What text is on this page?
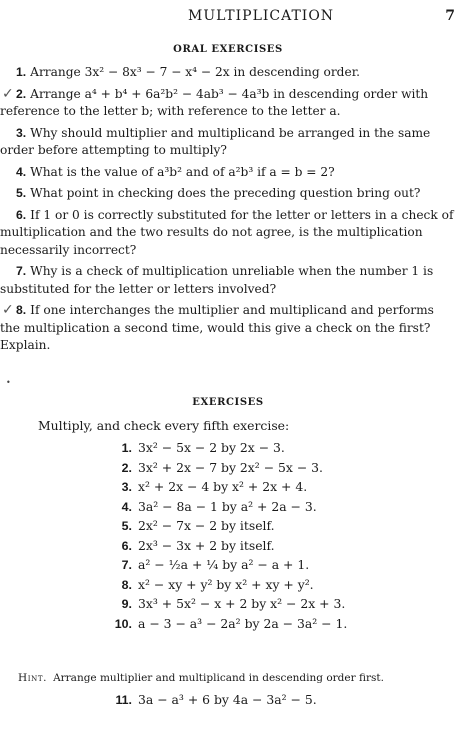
MULTIPLICATION	7
ORAL EXERCISES
1. Arrange 3x² − 8x³ − 7 − x⁴ − 2x in descending order.
✓ 2. Arrange a⁴ + b⁴ + 6a²b² − 4ab³ − 4a³b in descending order with reference to the letter b; with reference to the letter a.
3. Why should multiplier and multiplicand be arranged in the same order before attempting to multiply?
4. What is the value of a³b² and of a²b³ if a = b = 2?
5. What point in checking does the preceding question bring out?
6. If 1 or 0 is correctly substituted for the letter or letters in a check of multiplication and the two results do not agree, is the multiplication necessarily incorrect?
7. Why is a check of multiplication unreliable when the number 1 is substituted for the letter or letters involved?
✓ 8. If one interchanges the multiplier and multiplicand and performs the multiplication a second time, would this give a check on the first? Explain.
•
EXERCISES
Multiply, and check every fifth exercise:
1. 3x² − 5x − 2 by 2x − 3.
2. 3x² + 2x − 7 by 2x² − 5x − 3.
3. x² + 2x − 4 by x² + 2x + 4.
4. 3a² − 8a − 1 by a² + 2a − 3.
5. 2x² − 7x − 2 by itself.
6. 2x³ − 3x + 2 by itself.
7. a² − ½a + ¼ by a² − a + 1.
8. x² − xy + y² by x² + xy + y².
9. 3x³ + 5x² − x + 2 by x² − 2x + 3.
10. a − 3 − a³ − 2a² by 2a − 3a² − 1.
Hint. Arrange multiplier and multiplicand in descending order first.
11. 3a − a³ + 6 by 4a − 3a² − 5.
